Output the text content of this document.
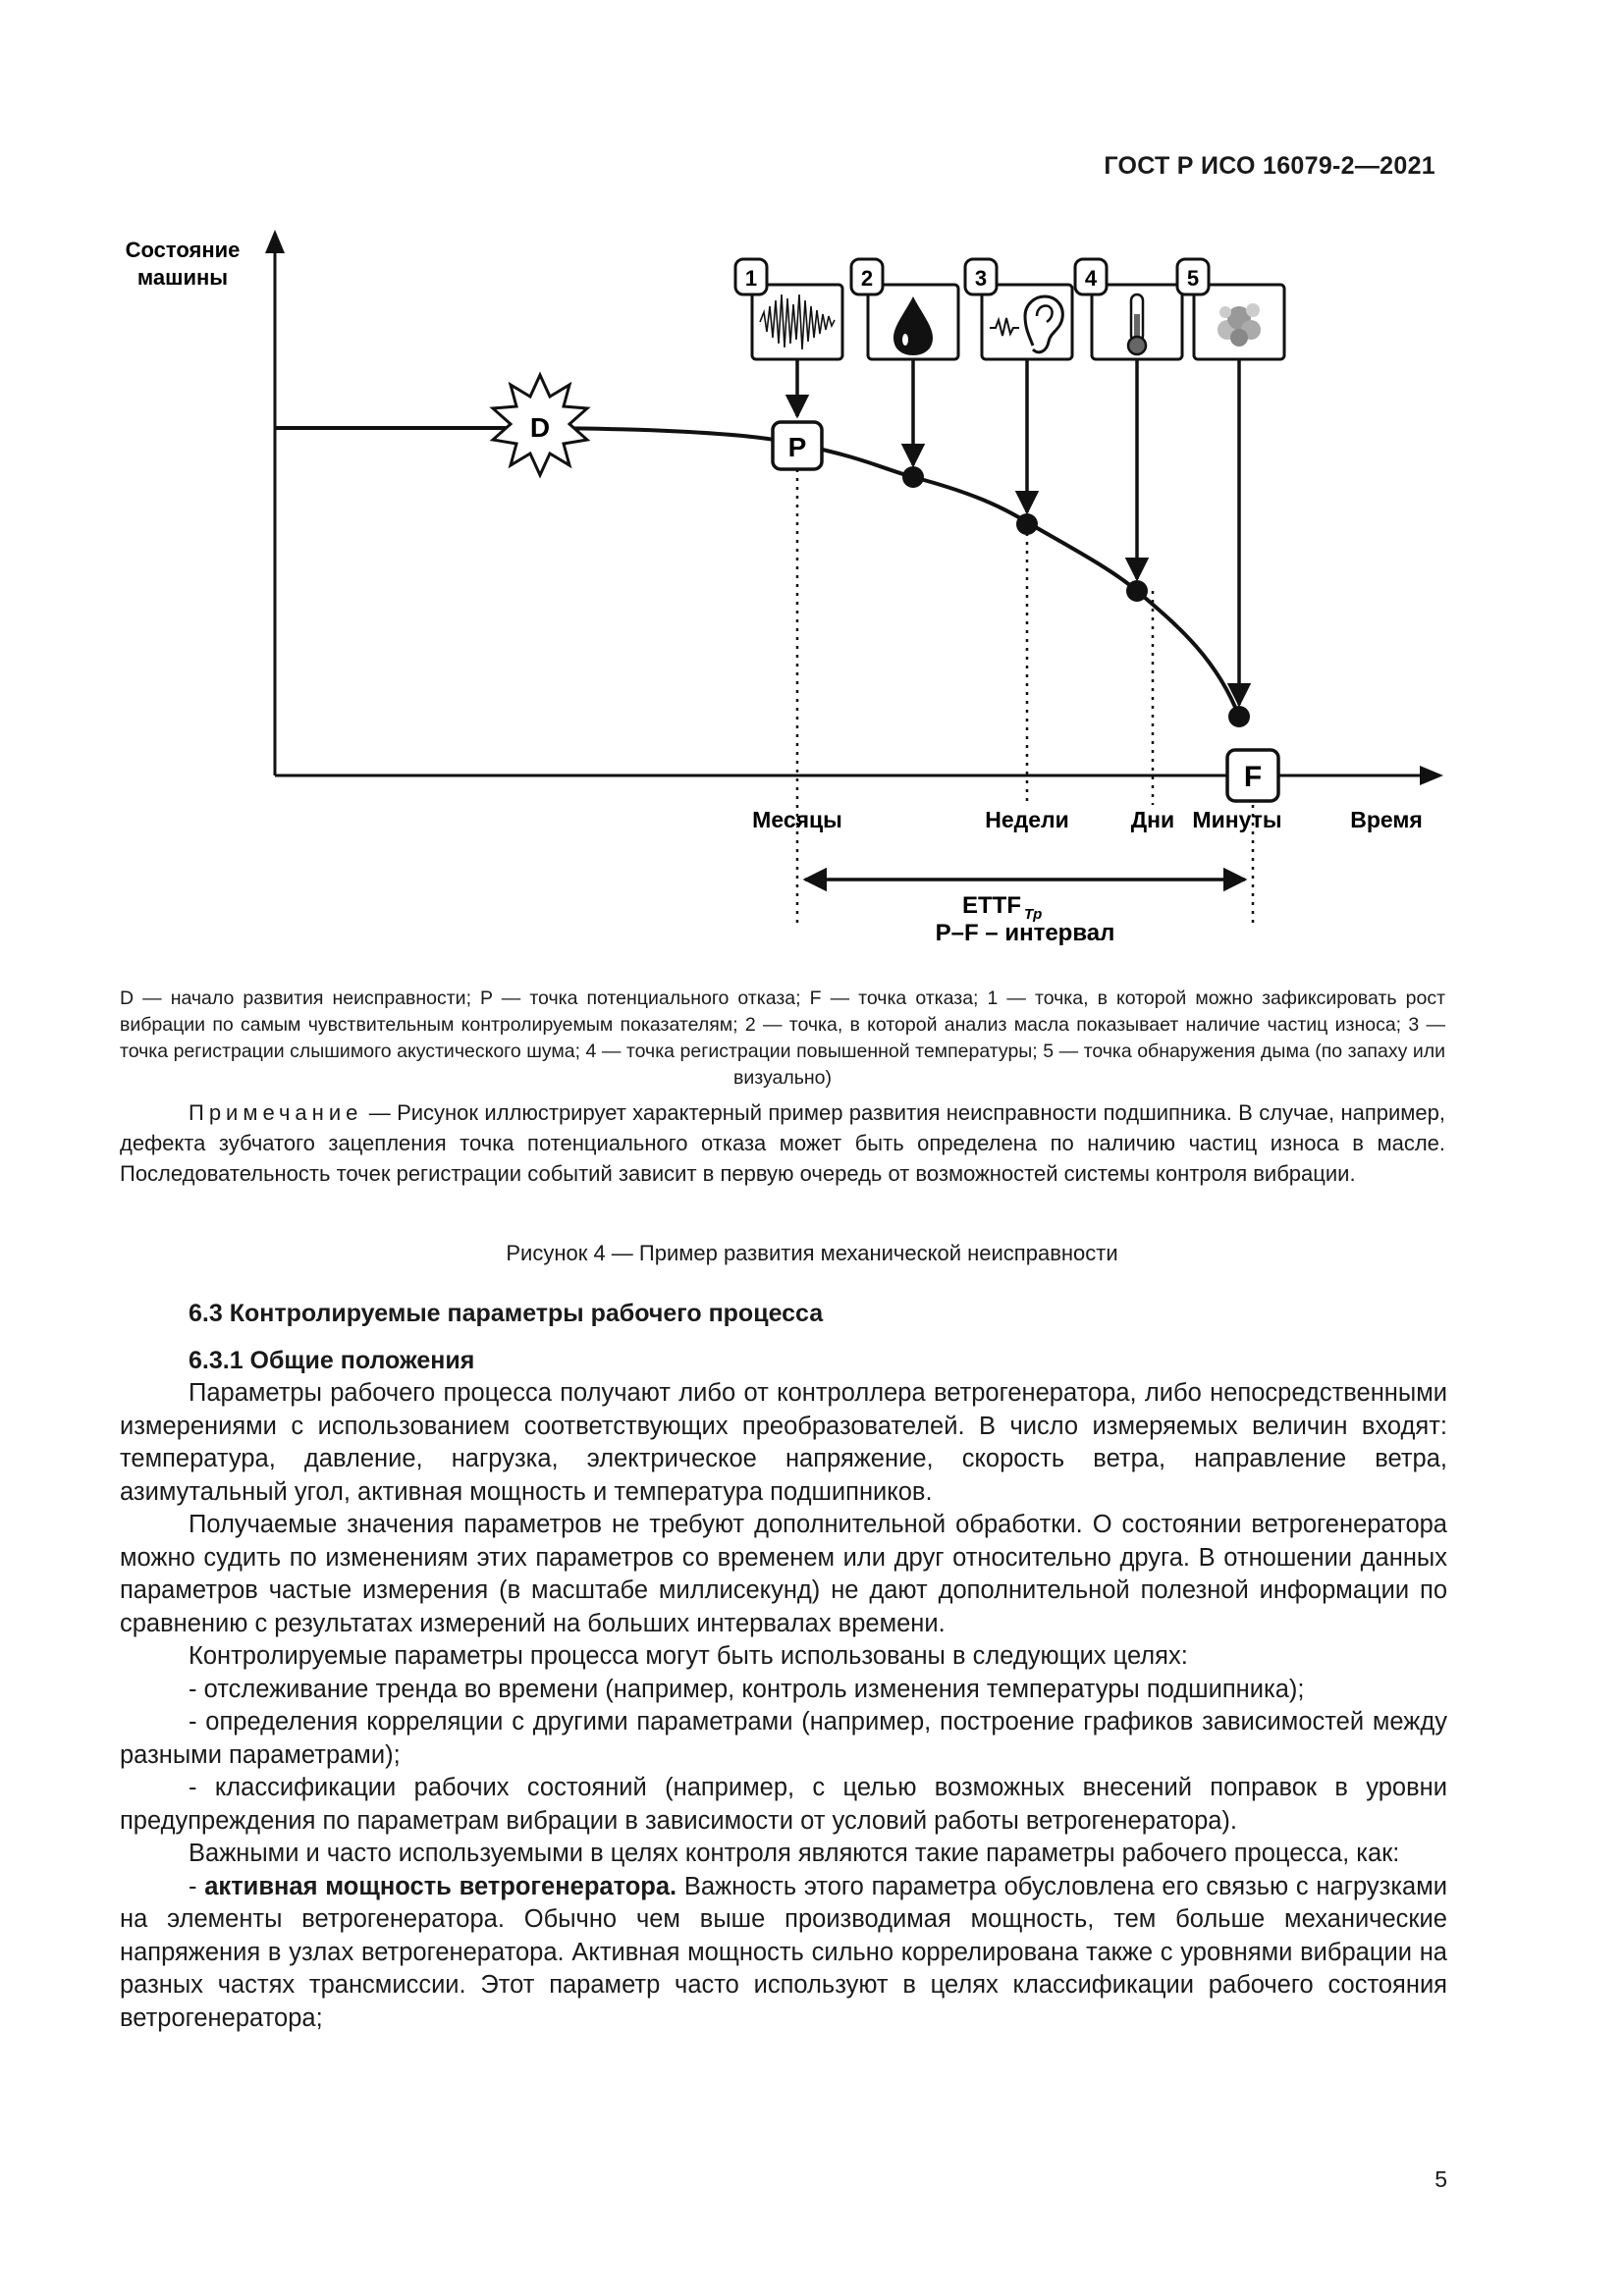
ГОСТ Р ИСО 16079-2—2021
Состояние
машины
D
P
F
1	2	3	4	5
Месяцы	Недели	Дни Минуты	Время
ETTF Tp
P–F – интервал
D — начало развития неисправности; P — точка потенциального отказа; F — точка отказа; 1 — точка, в которой можно зафиксировать рост вибрации по самым чувствительным контролируемым показателям; 2 — точка, в которой анализ масла показывает наличие частиц износа; 3 — точка регистрации слышимого акустического шума; 4 — точка регистрации повышенной температуры; 5 — точка обнаружения дыма (по запаху или визуально)
Примечание — Рисунок иллюстрирует характерный пример развития неисправности подшипника. В случае, например, дефекта зубчатого зацепления точка потенциального отказа может быть определена по наличию частиц износа в масле. Последовательность точек регистрации событий зависит в первую очередь от возможностей системы контроля вибрации.
Рисунок 4 — Пример развития механической неисправности

6.3 Контролируемые параметры рабочего процесса

6.3.1 Общие положения

Параметры рабочего процесса получают либо от контроллера ветрогенератора, либо непосредственными измерениями с использованием соответствующих преобразователей. В число измеряемых величин входят: температура, давление, нагрузка, электрическое напряжение, скорость ветра, направление ветра, азимутальный угол, активная мощность и температура подшипников.

Получаемые значения параметров не требуют дополнительной обработки. О состоянии ветрогенератора можно судить по изменениям этих параметров со временем или друг относительно друга. В отношении данных параметров частые измерения (в масштабе миллисекунд) не дают дополнительной полезной информации по сравнению с результатах измерений на больших интервалах времени.

Контролируемые параметры процесса могут быть использованы в следующих целях:

- отслеживание тренда во времени (например, контроль изменения температуры подшипника);

- определения корреляции с другими параметрами (например, построение графиков зависимостей между разными параметрами);

- классификации рабочих состояний (например, с целью возможных внесений поправок в уровни предупреждения по параметрам вибрации в зависимости от условий работы ветрогенератора).

Важными и часто используемыми в целях контроля являются такие параметры рабочего процесса, как:

- активная мощность ветрогенератора. Важность этого параметра обусловлена его связью с нагрузками на элементы ветрогенератора. Обычно чем выше производимая мощность, тем больше механические напряжения в узлах ветрогенератора. Активная мощность сильно коррелирована также с уровнями вибрации на разных частях трансмиссии. Этот параметр часто используют в целях классификации рабочего состояния ветрогенератора;

5
